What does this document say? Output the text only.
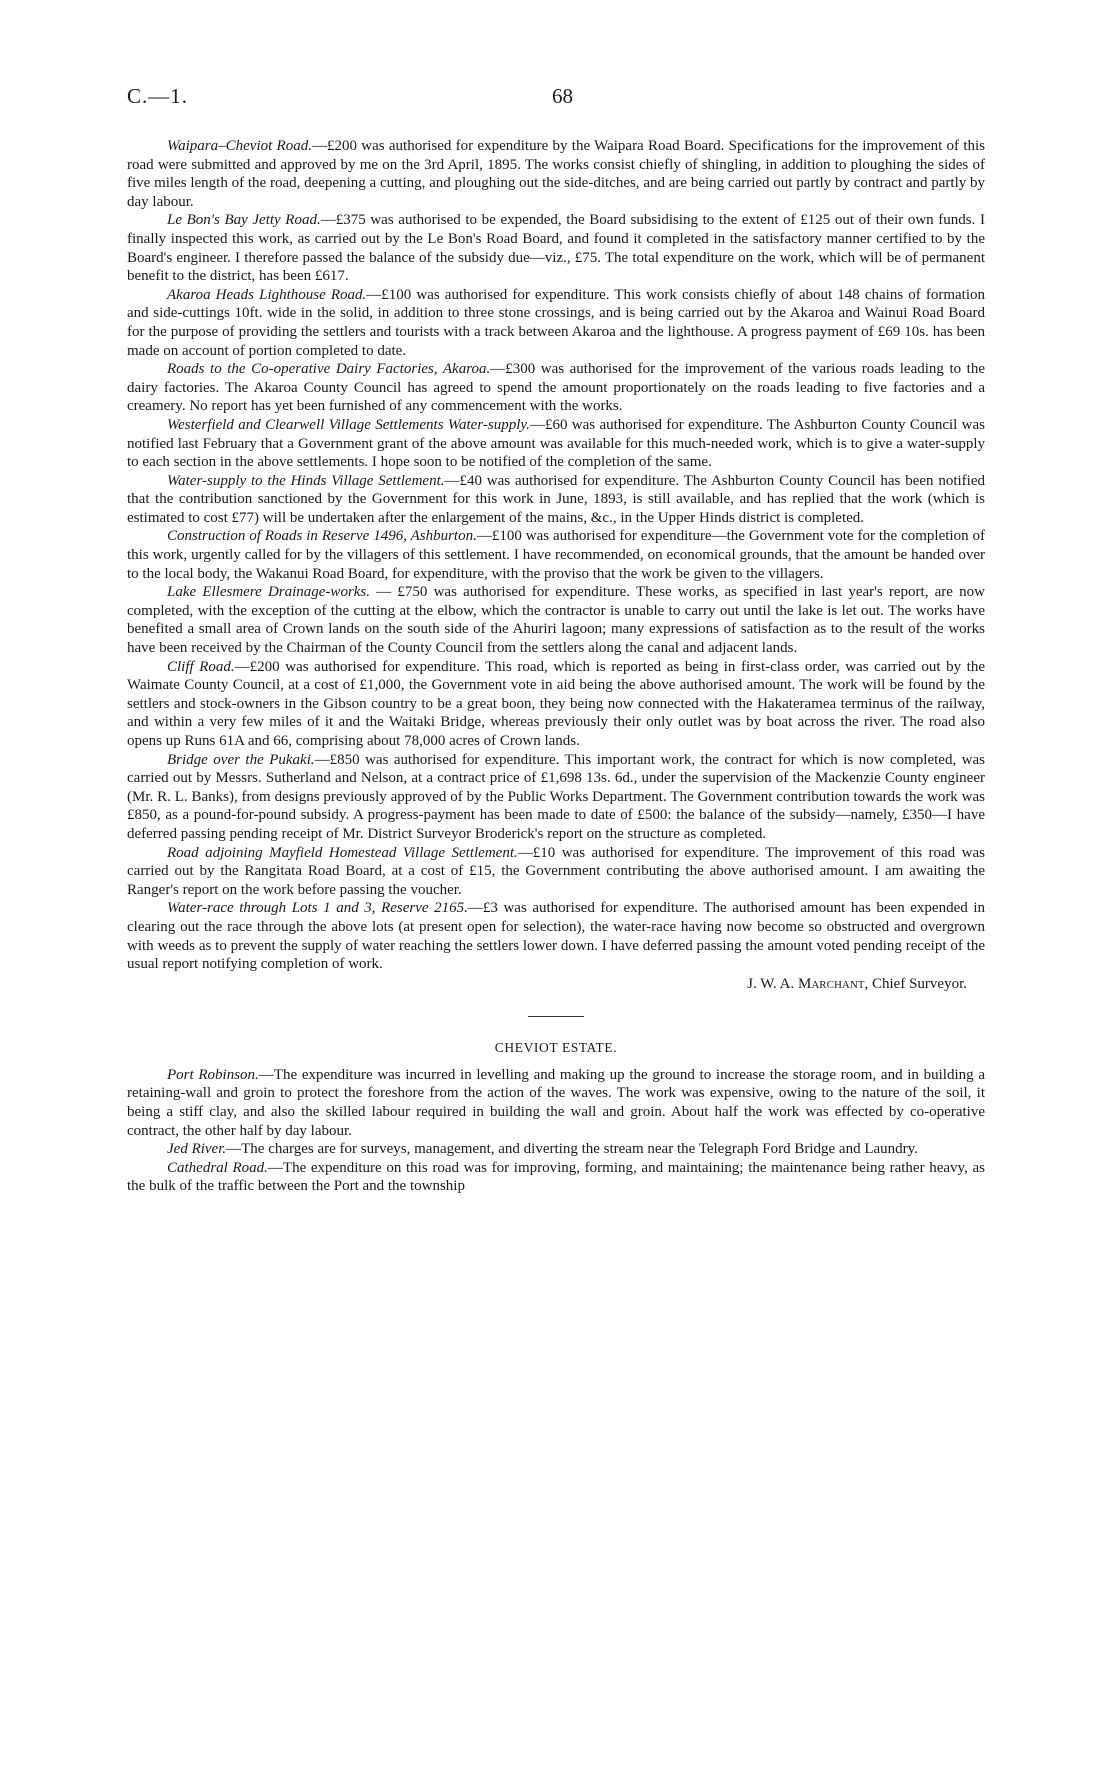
C.—1.	68

Waipara–Cheviot Road.—£200 was authorised for expenditure by the Waipara Road Board. Specifications for the improvement of this road were submitted and approved by me on the 3rd April, 1895. The works consist chiefly of shingling, in addition to ploughing the sides of five miles length of the road, deepening a cutting, and ploughing out the side-ditches, and are being carried out partly by contract and partly by day labour.

Le Bon's Bay Jetty Road.—£375 was authorised to be expended, the Board subsidising to the extent of £125 out of their own funds. I finally inspected this work, as carried out by the Le Bon's Road Board, and found it completed in the satisfactory manner certified to by the Board's engineer. I therefore passed the balance of the subsidy due—viz., £75. The total expenditure on the work, which will be of permanent benefit to the district, has been £617.

Akaroa Heads Lighthouse Road.—£100 was authorised for expenditure. This work consists chiefly of about 148 chains of formation and side-cuttings 10ft. wide in the solid, in addition to three stone crossings, and is being carried out by the Akaroa and Wainui Road Board for the purpose of providing the settlers and tourists with a track between Akaroa and the lighthouse. A progress payment of £69 10s. has been made on account of portion completed to date.

Roads to the Co-operative Dairy Factories, Akaroa.—£300 was authorised for the improvement of the various roads leading to the dairy factories. The Akaroa County Council has agreed to spend the amount proportionately on the roads leading to five factories and a creamery. No report has yet been furnished of any commencement with the works.

Westerfield and Clearwell Village Settlements Water-supply.—£60 was authorised for expenditure. The Ashburton County Council was notified last February that a Government grant of the above amount was available for this much-needed work, which is to give a water-supply to each section in the above settlements. I hope soon to be notified of the completion of the same.

Water-supply to the Hinds Village Settlement.—£40 was authorised for expenditure. The Ashburton County Council has been notified that the contribution sanctioned by the Government for this work in June, 1893, is still available, and has replied that the work (which is estimated to cost £77) will be undertaken after the enlargement of the mains, &c., in the Upper Hinds district is completed.

Construction of Roads in Reserve 1496, Ashburton.—£100 was authorised for expenditure—the Government vote for the completion of this work, urgently called for by the villagers of this settlement. I have recommended, on economical grounds, that the amount be handed over to the local body, the Wakanui Road Board, for expenditure, with the proviso that the work be given to the villagers.

Lake Ellesmere Drainage-works. — £750 was authorised for expenditure. These works, as specified in last year's report, are now completed, with the exception of the cutting at the elbow, which the contractor is unable to carry out until the lake is let out. The works have benefited a small area of Crown lands on the south side of the Ahuriri lagoon; many expressions of satisfaction as to the result of the works have been received by the Chairman of the County Council from the settlers along the canal and adjacent lands.

Cliff Road.—£200 was authorised for expenditure. This road, which is reported as being in first-class order, was carried out by the Waimate County Council, at a cost of £1,000, the Government vote in aid being the above authorised amount. The work will be found by the settlers and stock-owners in the Gibson country to be a great boon, they being now connected with the Hakateramea terminus of the railway, and within a very few miles of it and the Waitaki Bridge, whereas previously their only outlet was by boat across the river. The road also opens up Runs 61A and 66, comprising about 78,000 acres of Crown lands.

Bridge over the Pukaki.—£850 was authorised for expenditure. This important work, the contract for which is now completed, was carried out by Messrs. Sutherland and Nelson, at a contract price of £1,698 13s. 6d., under the supervision of the Mackenzie County engineer (Mr. R. L. Banks), from designs previously approved of by the Public Works Department. The Government contribution towards the work was £850, as a pound-for-pound subsidy. A progress-payment has been made to date of £500: the balance of the subsidy—namely, £350—I have deferred passing pending receipt of Mr. District Surveyor Broderick's report on the structure as completed.

Road adjoining Mayfield Homestead Village Settlement.—£10 was authorised for expenditure. The improvement of this road was carried out by the Rangitata Road Board, at a cost of £15, the Government contributing the above authorised amount. I am awaiting the Ranger's report on the work before passing the voucher.

Water-race through Lots 1 and 3, Reserve 2165.—£3 was authorised for expenditure. The authorised amount has been expended in clearing out the race through the above lots (at present open for selection), the water-race having now become so obstructed and overgrown with weeds as to prevent the supply of water reaching the settlers lower down. I have deferred passing the amount voted pending receipt of the usual report notifying completion of work.

J. W. A. Marchant, Chief Surveyor.

CHEVIOT ESTATE.

Port Robinson.—The expenditure was incurred in levelling and making up the ground to increase the storage room, and in building a retaining-wall and groin to protect the foreshore from the action of the waves. The work was expensive, owing to the nature of the soil, it being a stiff clay, and also the skilled labour required in building the wall and groin. About half the work was effected by co-operative contract, the other half by day labour.

Jed River.—The charges are for surveys, management, and diverting the stream near the Telegraph Ford Bridge and Laundry.

Cathedral Road.—The expenditure on this road was for improving, forming, and maintaining; the maintenance being rather heavy, as the bulk of the traffic between the Port and the township
